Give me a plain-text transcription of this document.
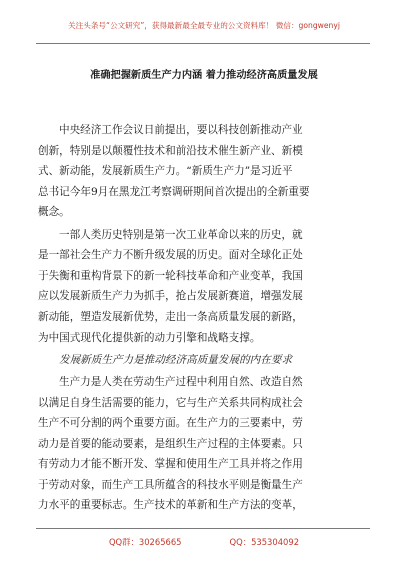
关注头条号“公文研究”，获得最新最全最专业的公文资料库！ 微信：gongwenyj
准确把握新质生产力内涵 着力推动经济高质量发展

中央经济工作会议日前提出，要以科技创新推动产业
创新，特别是以颠覆性技术和前沿技术催生新产业、新模
式、新动能，发展新质生产力。“新质生产力”是习近平
总书记今年9月在黑龙江考察调研期间首次提出的全新重要
概念。

一部人类历史特别是第一次工业革命以来的历史，就
是一部社会生产力不断升级发展的历史。面对全球化正处
于失衡和重构背景下的新一轮科技革命和产业变革，我国
应以发展新质生产力为抓手，抢占发展新赛道，增强发展
新动能，塑造发展新优势，走出一条高质量发展的新路，
为中国式现代化提供新的动力引擎和战略支撑。

发展新质生产力是推动经济高质量发展的内在要求

生产力是人类在劳动生产过程中利用自然、改造自然
以满足自身生活需要的能力，它与生产关系共同构成社会
生产不可分割的两个重要方面。在生产力的三要素中，劳
动力是首要的能动要素，是组织生产过程的主体要素。只
有劳动力才能不断开发、掌握和使用生产工具并将之作用
于劳动对象，而生产工具所蕴含的科技水平则是衡量生产
力水平的重要标志。生产技术的革新和生产方法的变革，

QQ群：30265665	QQ：535304092
